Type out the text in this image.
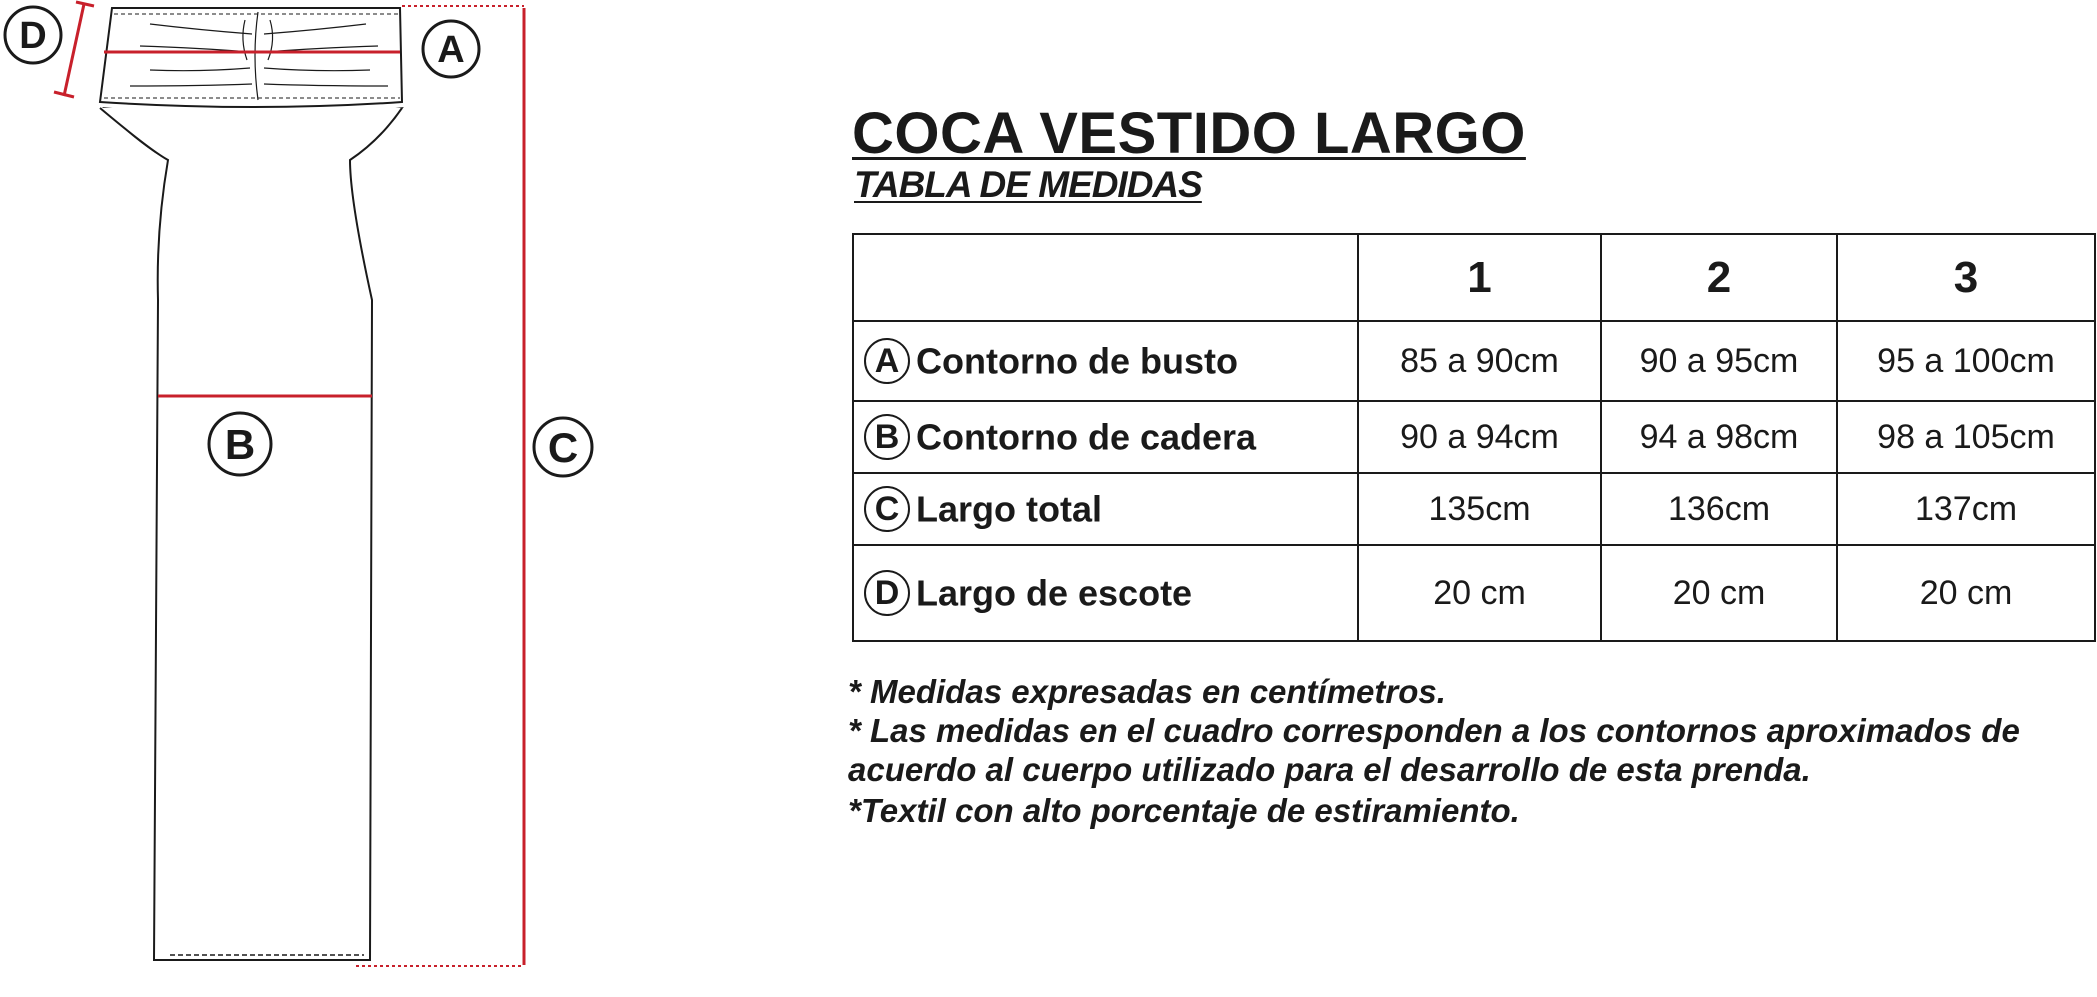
D	A
B	C
COCA VESTIDO LARGO
TABLA DE MEDIDAS
	1	2	3
A Contorno de busto	85 a 90cm	90 a 95cm	95 a 100cm
B Contorno de cadera	90 a 94cm	94 a 98cm	98 a 105cm
C Largo total	135cm	136cm	137cm
D Largo de escote	20 cm	20 cm	20 cm

* Medidas expresadas en centímetros.

* Las medidas en el cuadro corresponden a los contornos aproximados de acuerdo al cuerpo utilizado para el desarrollo de esta prenda.

*Textil con alto porcentaje de estiramiento.
